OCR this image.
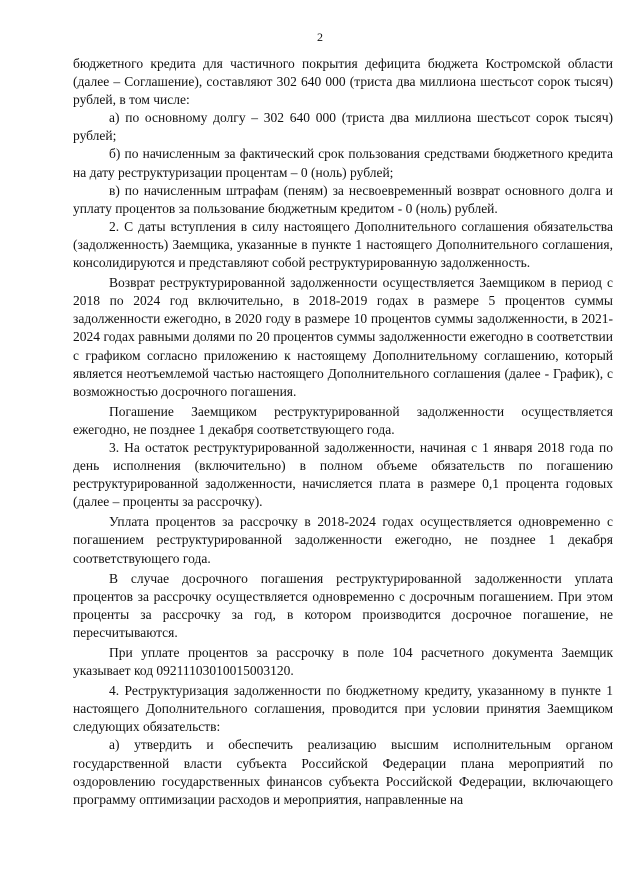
2

бюджетного кредита для частичного покрытия дефицита бюджета Костромской области (далее – Соглашение), составляют 302 640 000 (триста два миллиона шестьсот сорок тысяч) рублей, в том числе:

а) по основному долгу – 302 640 000 (триста два миллиона шестьсот сорок тысяч) рублей;

б) по начисленным за фактический срок пользования средствами бюджетного кредита на дату реструктуризации процентам – 0 (ноль) рублей;

в) по начисленным штрафам (пеням) за несвоевременный возврат основного долга и уплату процентов за пользование бюджетным кредитом - 0 (ноль) рублей.

2. С даты вступления в силу настоящего Дополнительного соглашения обязательства (задолженность) Заемщика, указанные в пункте 1 настоящего Дополнительного соглашения, консолидируются и представляют собой реструктурированную задолженность.

Возврат реструктурированной задолженности осуществляется Заемщиком в период с 2018 по 2024 год включительно, в 2018-2019 годах в размере 5 процентов суммы задолженности ежегодно, в 2020 году в размере 10 процентов суммы задолженности, в 2021-2024 годах равными долями по 20 процентов суммы задолженности ежегодно в соответствии с графиком согласно приложению к настоящему Дополнительному соглашению, который является неотъемлемой частью настоящего Дополнительного соглашения (далее - График), с возможностью досрочного погашения.

Погашение Заемщиком реструктурированной задолженности осуществляется ежегодно, не позднее 1 декабря соответствующего года.

3. На остаток реструктурированной задолженности, начиная с 1 января 2018 года по день исполнения (включительно) в полном объеме обязательств по погашению реструктурированной задолженности, начисляется плата в размере 0,1 процента годовых (далее – проценты за рассрочку).

Уплата процентов за рассрочку в 2018-2024 годах осуществляется одновременно с погашением реструктурированной задолженности ежегодно, не позднее 1 декабря соответствующего года.

В случае досрочного погашения реструктурированной задолженности уплата процентов за рассрочку осуществляется одновременно с досрочным погашением. При этом проценты за рассрочку за год, в котором производится досрочное погашение, не пересчитываются.

При уплате процентов за рассрочку в поле 104 расчетного документа Заемщик указывает код 09211103010015003120.

4. Реструктуризация задолженности по бюджетному кредиту, указанному в пункте 1 настоящего Дополнительного соглашения, проводится при условии принятия Заемщиком следующих обязательств:

а) утвердить и обеспечить реализацию высшим исполнительным органом государственной власти субъекта Российской Федерации плана мероприятий по оздоровлению государственных финансов субъекта Российской Федерации, включающего программу оптимизации расходов и мероприятия, направленные на
